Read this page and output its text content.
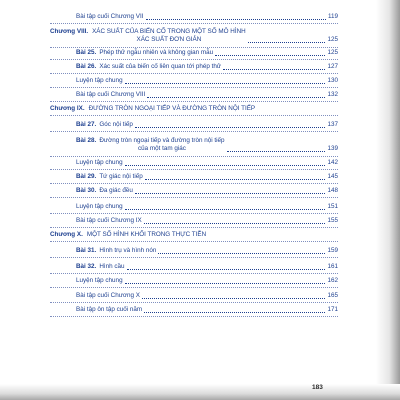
Bài tập cuối Chương VII	119
Chương VIII. XÁC SUẤT CỦA BIẾN CỐ TRONG MỘT SỐ MÔ HÌNH
XÁC SUẤT ĐƠN GIẢN	125
Bài 25. Phép thử ngẫu nhiên và không gian mẫu	125
Bài 26. Xác suất của biến cố liên quan tới phép thử	127
Luyện tập chung	130
Bài tập cuối Chương VIII	132
Chương IX. ĐƯỜNG TRÒN NGOẠI TIẾP VÀ ĐƯỜNG TRÒN NỘI TIẾP
Bài 27. Góc nội tiếp	137
Bài 28. Đường tròn ngoại tiếp và đường tròn nội tiếp
của một tam giác	139
Luyện tập chung	142
Bài 29. Tứ giác nội tiếp	145
Bài 30. Đa giác đều	148
Luyện tập chung	151
Bài tập cuối Chương IX	155
Chương X. MỘT SỐ HÌNH KHỐI TRONG THỰC TIỄN
Bài 31. Hình trụ và hình nón	159
Bài 32. Hình cầu	161
Luyện tập chung	162
Bài tập cuối Chương X	165
Bài tập ôn tập cuối năm	171
183
